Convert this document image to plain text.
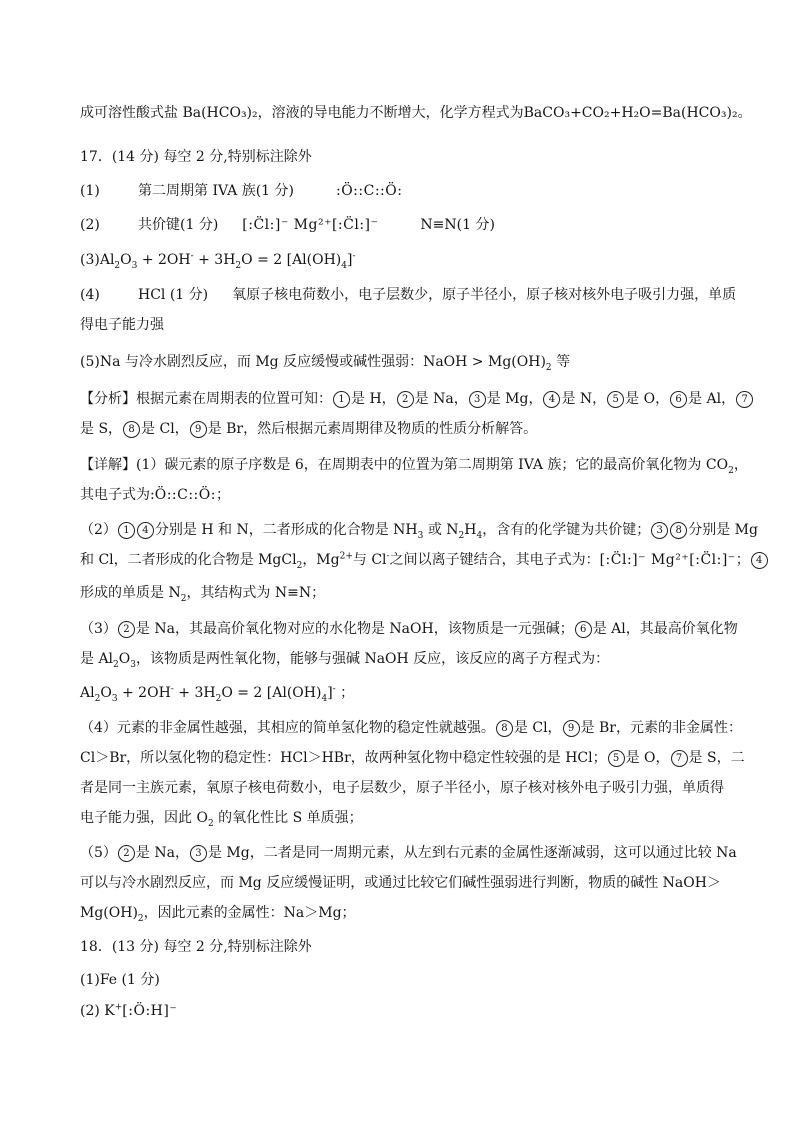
成可溶性酸式盐 Ba(HCO₃)₂，溶液的导电能力不断增大，化学方程式为BaCO₃+CO₂+H₂O=Ba(HCO₃)₂。
17．(14 分) 每空 2 分,特别标注除外
(1)	第二周期第 IVA 族(1 分)	:Ö::C::Ö:
(2)	共价键(1 分) [:C̈l:]⁻ Mg²⁺[:C̈l:]⁻	N≡N(1 分)
$(3)Al_2O_3 + 2OH^- + 3H_2O = 2$ $[Al(OH)_4]^-$
(4)	HCl (1 分) 氧原子核电荷数小，电子层数少，原子半径小，原子核对核外电子吸引力强，单质
得电子能力强
(5)Na 与冷水剧烈反应，而 Mg 反应缓慢或碱性强弱：NaOH > $Mg(OH)_2$ 等
【分析】根据元素在周期表的位置可知： 1 是 H， 2 是 Na， 3 是 Mg， 4 是 N， 5 是 O， 6 是 Al， 7
是 S， 8 是 Cl， 9 是 Br，然后根据元素周期律及物质的性质分析解答。
【详解】(1）碳元素的原子序数是 6，在周期表中的位置为第二周期第 IVA 族；它的最高价氧化物为 $CO_2$，
其电子式为:Ö::C::Ö:；
（2） 1 4 分别是 H 和 N，二者形成的化合物是 $NH_3$ 或 $N_2H_4$，含有的化学键为共价键； 3 8 分别是 Mg
和 Cl，二者形成的化合物是 MgCl$_2$，$Mg^{2+}$与 Cl-之间以离子键结合，其电子式为：[:C̈l:]⁻ Mg²⁺[:C̈l:]⁻； 4
形成的单质是 $N_2$，其结构式为 N≡N；
（3） 2 是 Na，其最高价氧化物对应的水化物是 NaOH，该物质是一元强碱； 6 是 Al，其最高价氧化物
是 $Al_2O_3$，该物质是两性氧化物，能够与强碱 NaOH 反应，该反应的离子方程式为：
$Al_2O_3 + 2OH^- + 3H_2O = 2$ $[Al(OH)_4]^-$ ；
（4）元素的非金属性越强，其相应的简单氢化物的稳定性就越强。 8 是 Cl， 9 是 Br，元素的非金属性：
Cl＞Br，所以氢化物的稳定性：HCl＞HBr，故两种氢化物中稳定性较强的是 HCl； 5 是 O， 7 是 S，二
者是同一主族元素，氧原子核电荷数小，电子层数少，原子半径小，原子核对核外电子吸引力强，单质得
电子能力强，因此 $O_2$ 的氧化性比 S 单质强；
（5） 2 是 Na， 3 是 Mg，二者是同一周期元素，从左到右元素的金属性逐渐减弱，这可以通过比较 Na
可以与冷水剧烈反应，而 Mg 反应缓慢证明，或通过比较它们碱性强弱进行判断，物质的碱性 NaOH＞
$Mg(OH)_2$，因此元素的金属性：Na＞Mg；
18．(13 分) 每空 2 分,特别标注除外
(1)Fe (1 分)
(2) K+[:Ö:H]⁻
